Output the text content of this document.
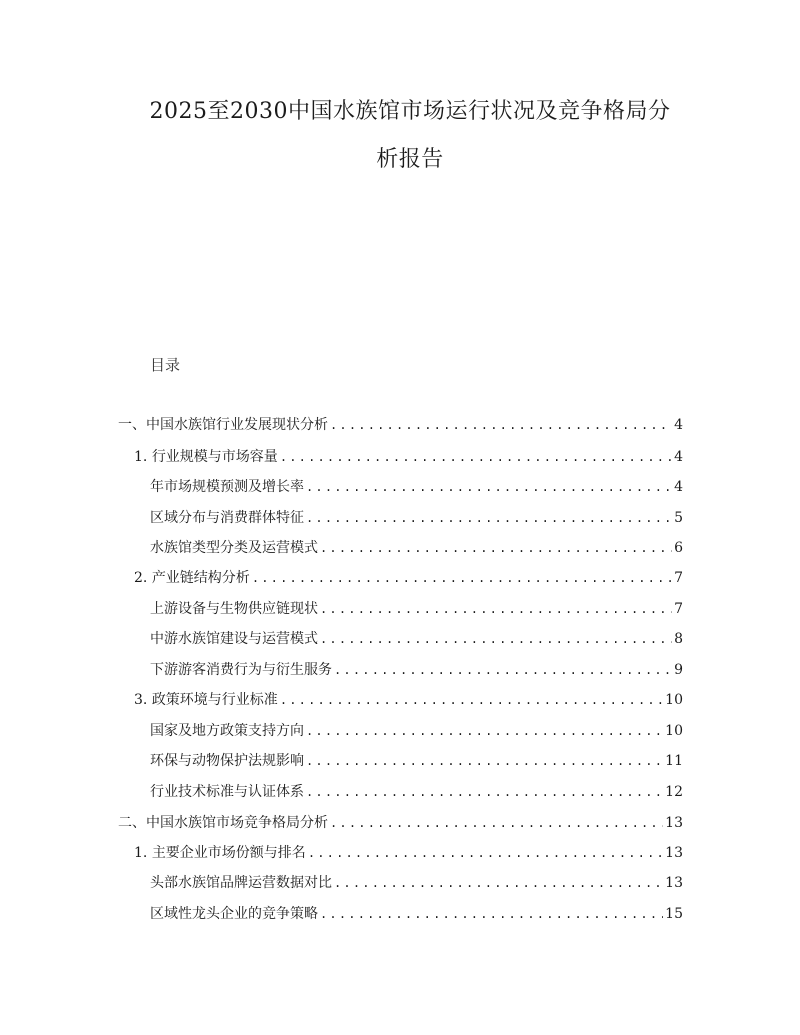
2025至2030中国水族馆市场运行状况及竞争格局分
析报告
目录
一、 中国水族馆行业发展现状分析 .....	4
1. 行业规模与市场容量 .....	4
年市场规模预测及增长率 .....	4
区域分布与消费群体特征 .....	5
水族馆类型分类及运营模式 .....	6
2. 产业链结构分析 .....	7
上游设备与生物供应链现状 .....	7
中游水族馆建设与运营模式 .....	8
下游游客消费行为与衍生服务 .....	9
3. 政策环境与行业标准 .....	10
国家及地方政策支持方向 .....	10
环保与动物保护法规影响 .....	11
行业技术标准与认证体系 .....	12
二、 中国水族馆市场竞争格局分析 .....	13
1. 主要企业市场份额与排名 .....	13
头部水族馆品牌运营数据对比 .....	13
区域性龙头企业的竞争策略 .....	15
